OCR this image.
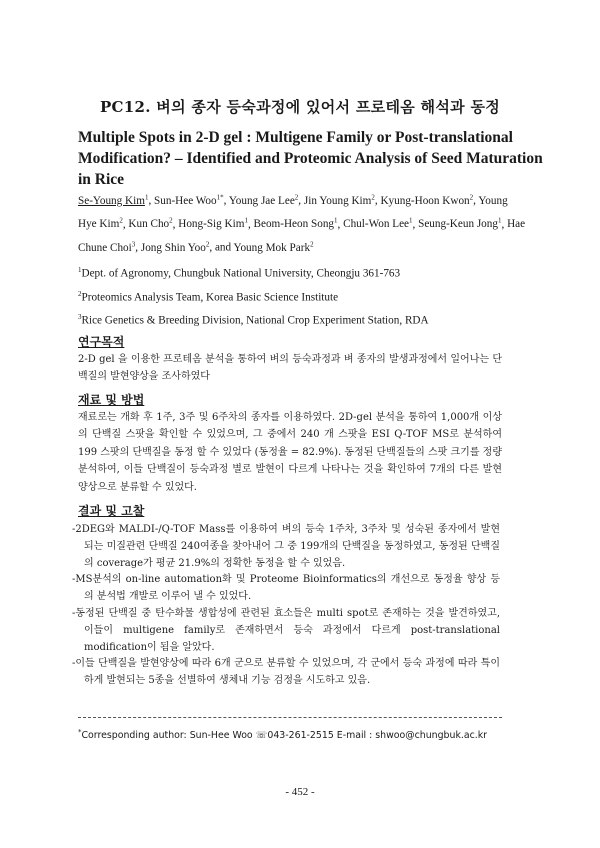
PC12. 벼의 종자 등숙과정에 있어서 프로테옴 해석과 동정
Multiple Spots in 2-D gel : Multigene Family or Post-translational Modification? – Identified and Proteomic Analysis of Seed Maturation in Rice
Se-Young Kim$^1$, Sun-Hee Woo$^{1*}$, Young Jae Lee$^2$, Jin Young Kim$^2$, Kyung-Hoon Kwon$^2$, Young Hye Kim$^2$, Kun Cho$^2$, Hong-Sig Kim$^1$, Beom-Heon Song$^1$, Chul-Won Lee$^1$, Seung-Keun Jong$^1$, Hae Chune Choi$^3$, Jong Shin Yoo$^2$, and Young Mok Park$^2$
$^1$Dept. of Agronomy, Chungbuk National University, Cheongju 361-763
$^2$Proteomics Analysis Team, Korea Basic Science Institute
$^3$Rice Genetics & Breeding Division, National Crop Experiment Station, RDA
연구목적

2-D gel 을 이용한 프로테옴 분석을 통하여 벼의 등숙과정과 벼 종자의 발생과정에서 일어나는 단백질의 발현양상을 조사하였다

재료 및 방법

재료로는 개화 후 1주, 3주 및 6주차의 종자를 이용하였다. 2D-gel 분석을 통하여 1,000개 이상의 단백질 스팟을 확인할 수 있었으며, 그 중에서 240 개 스팟을 ESI Q-TOF MS로 분석하여 199 스팟의 단백질을 동정 할 수 있었다 (동정율 = 82.9%). 동정된 단백질들의 스팟 크기를 정량 분석하여, 이들 단백질이 등숙과정 별로 발현이 다르게 나타나는 것을 확인하여 7개의 다른 발현양상으로 분류할 수 있었다.

결과 및 고찰
-2DEG와 MALDI-/Q-TOF Mass를 이용하여 벼의 등숙 1주차, 3주차 및 성숙된 종자에서 발현되는 미질관련 단백질 240여종을 찾아내어 그 중 199개의 단백질을 동정하였고, 동정된 단백질의 coverage가 평균 21.9%의 정확한 동정을 할 수 있었음.
-MS분석의 on-line automation화 및 Proteome Bioinformatics의 개선으로 동정율 향상 등의 분석법 개발로 이루어 낼 수 있었다.
-동정된 단백질 중 탄수화물 생합성에 관련된 효소들은 multi spot로 존재하는 것을 발견하였고, 이들이 multigene family로 존재하면서 등숙 과정에서 다르게 post-translational modification이 됨을 알았다.
-이들 단백질을 발현양상에 따라 6개 군으로 분류할 수 있었으며, 각 군에서 등숙 과정에 따라 특이하게 발현되는 5종을 선별하여 생체내 기능 검정을 시도하고 있음.
*Corresponding author: Sun-Hee Woo ☏043-261-2515 E-mail : shwoo@chungbuk.ac.kr
- 452 -
